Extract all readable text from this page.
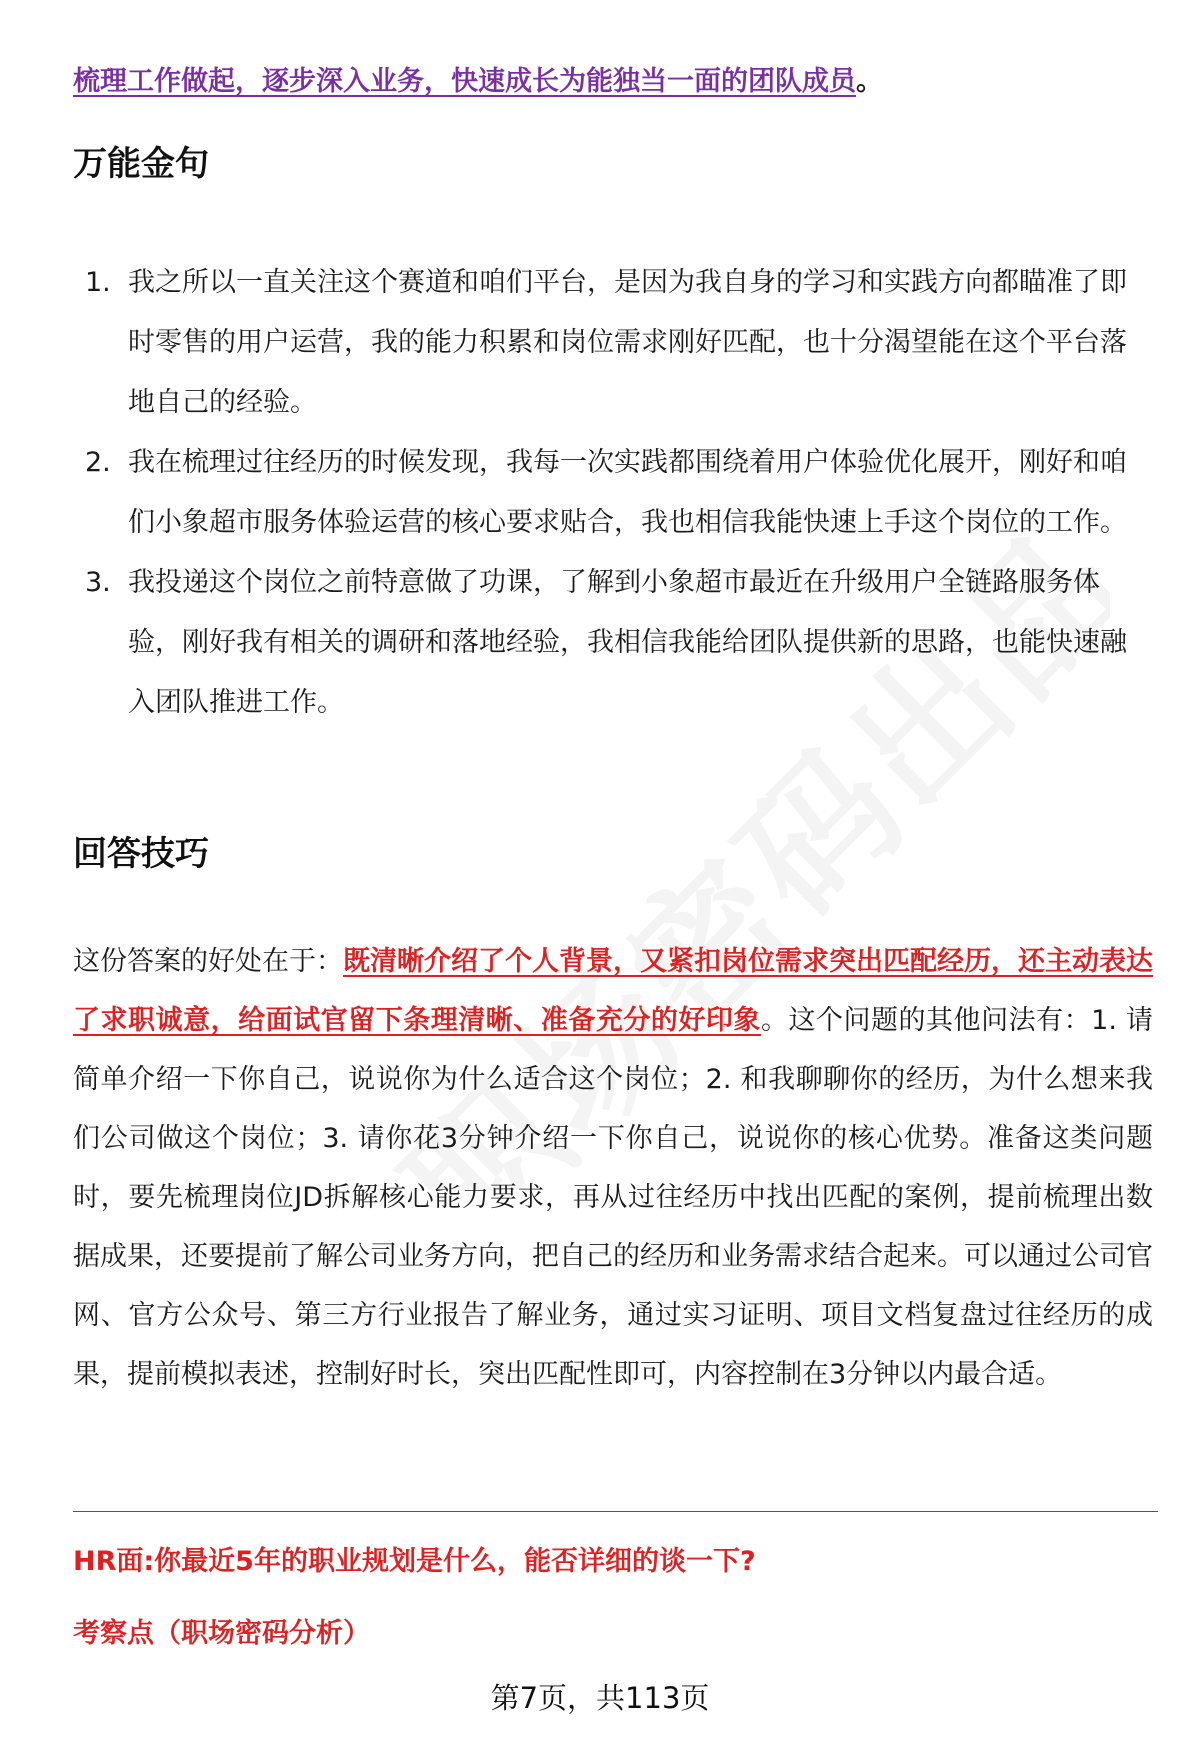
梳理工作做起，逐步深入业务，快速成长为能独当一面的团队成员。
万能金句
1. 我之所以一直关注这个赛道和咱们平台，是因为我自身的学习和实践方向都瞄准了即时零售的用户运营，我的能力积累和岗位需求刚好匹配，也十分渴望能在这个平台落地自己的经验。
2. 我在梳理过往经历的时候发现，我每一次实践都围绕着用户体验优化展开，刚好和咱们小象超市服务体验运营的核心要求贴合，我也相信我能快速上手这个岗位的工作。
3. 我投递这个岗位之前特意做了功课，了解到小象超市最近在升级用户全链路服务体验，刚好我有相关的调研和落地经验，我相信我能给团队提供新的思路，也能快速融入团队推进工作。
回答技巧
这份答案的好处在于：既清晰介绍了个人背景，又紧扣岗位需求突出匹配经历，还主动表达了求职诚意，给面试官留下条理清晰、准备充分的好印象。这个问题的其他问法有：1. 请简单介绍一下你自己，说说你为什么适合这个岗位；2. 和我聊聊你的经历，为什么想来我们公司做这个岗位；3. 请你花3分钟介绍一下你自己，说说你的核心优势。准备这类问题时，要先梳理岗位JD拆解核心能力要求，再从过往经历中找出匹配的案例，提前梳理出数据成果，还要提前了解公司业务方向，把自己的经历和业务需求结合起来。可以通过公司官网、官方公众号、第三方行业报告了解业务，通过实习证明、项目文档复盘过往经历的成果，提前模拟表述，控制好时长，突出匹配性即可，内容控制在3分钟以内最合适。
HR面:你最近5年的职业规划是什么，能否详细的谈一下?
考察点（职场密码分析）
第7页，共113页
